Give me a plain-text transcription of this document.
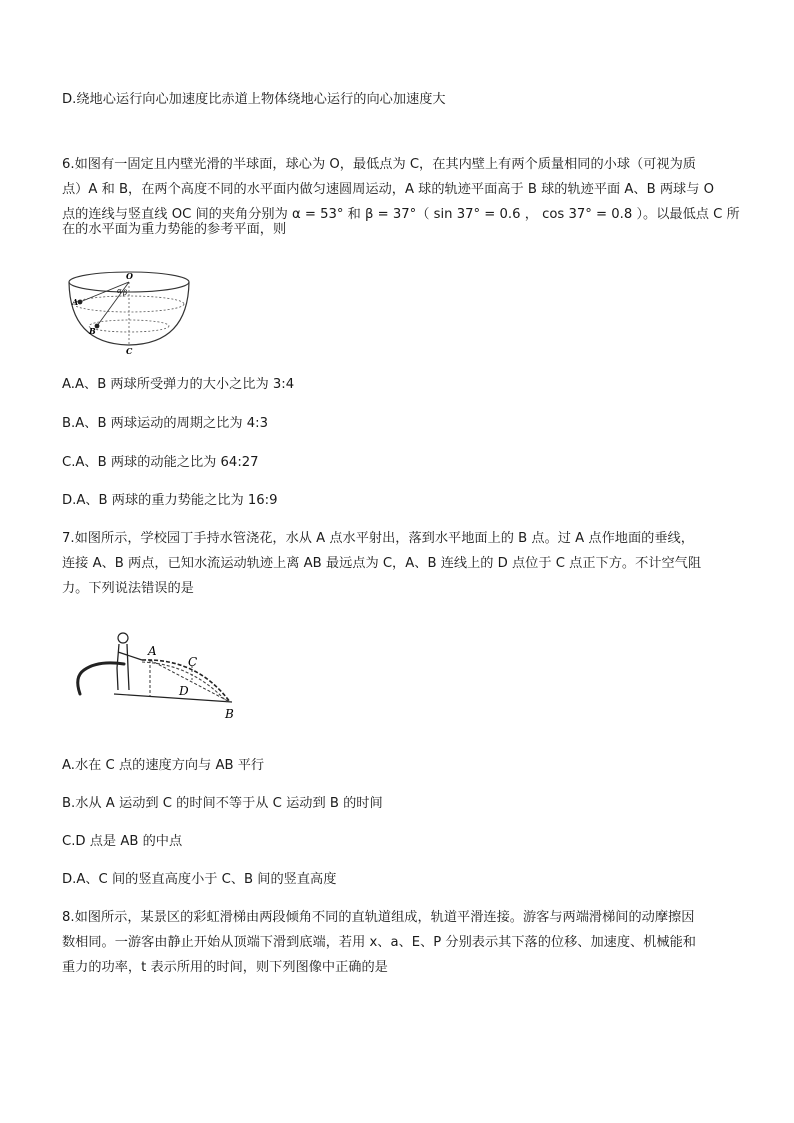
D.绕地心运行向心加速度比赤道上物体绕地心运行的向心加速度大
6.如图有一固定且内壁光滑的半球面，球心为 O，最低点为 C，在其内壁上有两个质量相同的小球（可视为质
点）A 和 B，在两个高度不同的水平面内做匀速圆周运动，A 球的轨迹平面高于 B 球的轨迹平面 A、B 两球与 O
点的连线与竖直线 OC 间的夹角分别为 α = 53° 和 β = 37°（ sin 37° = 0.6 ， cos 37° = 0.8 ）。以最低点 C 所
在的水平面为重力势能的参考平面，则
O
A
B
C
α β
A.A、B 两球所受弹力的大小之比为 3:4
B.A、B 两球运动的周期之比为 4:3
C.A、B 两球的动能之比为 64:27
D.A、B 两球的重力势能之比为 16:9
7.如图所示，学校园丁手持水管浇花，水从 A 点水平射出，落到水平地面上的 B 点。过 A 点作地面的垂线，
连接 A、B 两点，已知水流运动轨迹上离 AB 最远点为 C，A、B 连线上的 D 点位于 C 点正下方。不计空气阻
力。下列说法错误的是
A
C
D
B
A.水在 C 点的速度方向与 AB 平行
B.水从 A 运动到 C 的时间不等于从 C 运动到 B 的时间
C.D 点是 AB 的中点
D.A、C 间的竖直高度小于 C、B 间的竖直高度
8.如图所示，某景区的彩虹滑梯由两段倾角不同的直轨道组成，轨道平滑连接。游客与两端滑梯间的动摩擦因
数相同。一游客由静止开始从顶端下滑到底端，若用 x、a、E、P 分别表示其下落的位移、加速度、机械能和
重力的功率，t 表示所用的时间，则下列图像中正确的是
